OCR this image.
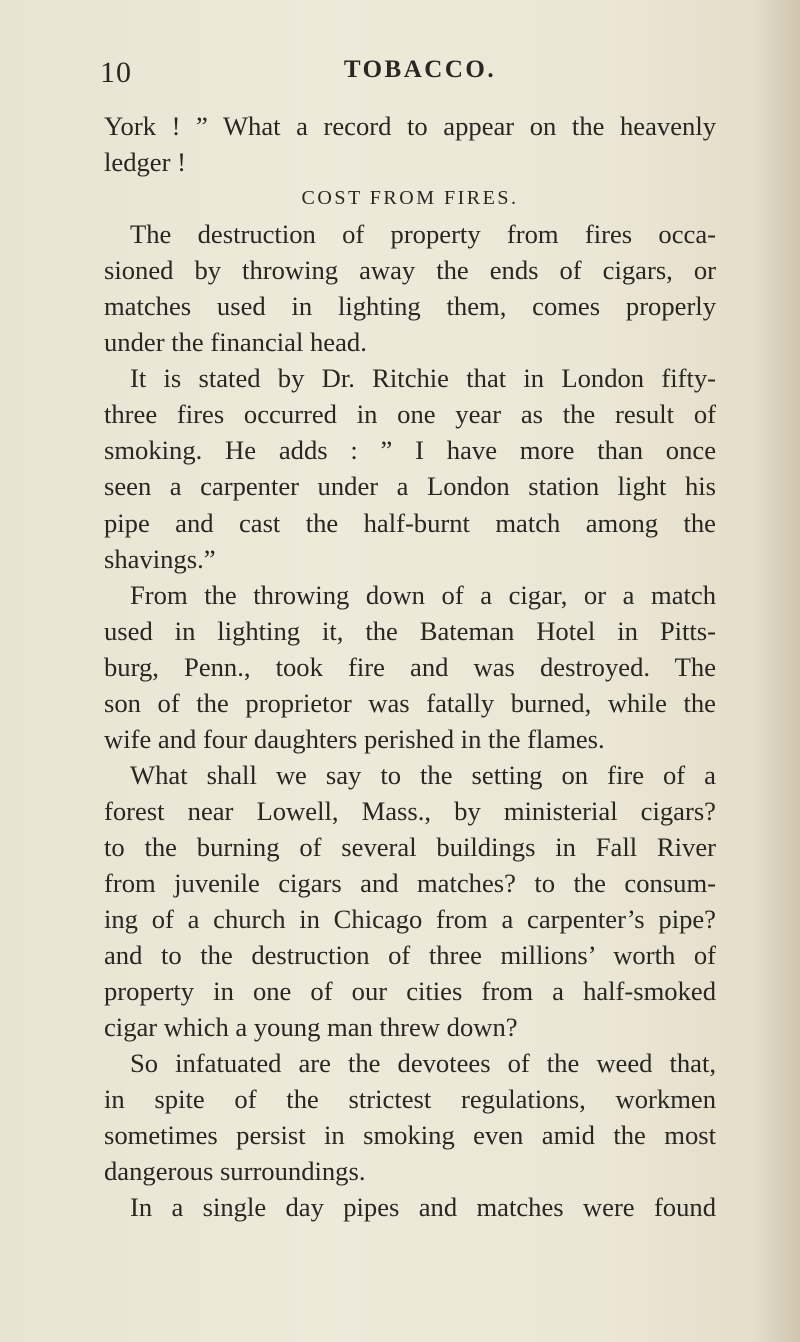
10	TOBACCO.
York ! ” What a record to appear on the heavenly
ledger !
COST FROM FIRES.
The destruction of property from fires occa-
sioned by throwing away the ends of cigars, or
matches used in lighting them, comes properly
under the financial head.
It is stated by Dr. Ritchie that in London fifty-
three fires occurred in one year as the result of
smoking. He adds : ” I have more than once
seen a carpenter under a London station light his
pipe and cast the half-burnt match among the
shavings.”
From the throwing down of a cigar, or a match
used in lighting it, the Bateman Hotel in Pitts-
burg, Penn., took fire and was destroyed. The
son of the proprietor was fatally burned, while the
wife and four daughters perished in the flames.
What shall we say to the setting on fire of a
forest near Lowell, Mass., by ministerial cigars?
to the burning of several buildings in Fall River
from juvenile cigars and matches? to the consum-
ing of a church in Chicago from a carpenter’s pipe?
and to the destruction of three millions’ worth of
property in one of our cities from a half-smoked
cigar which a young man threw down?
So infatuated are the devotees of the weed that,
in spite of the strictest regulations, workmen
sometimes persist in smoking even amid the most
dangerous surroundings.
In a single day pipes and matches were found
